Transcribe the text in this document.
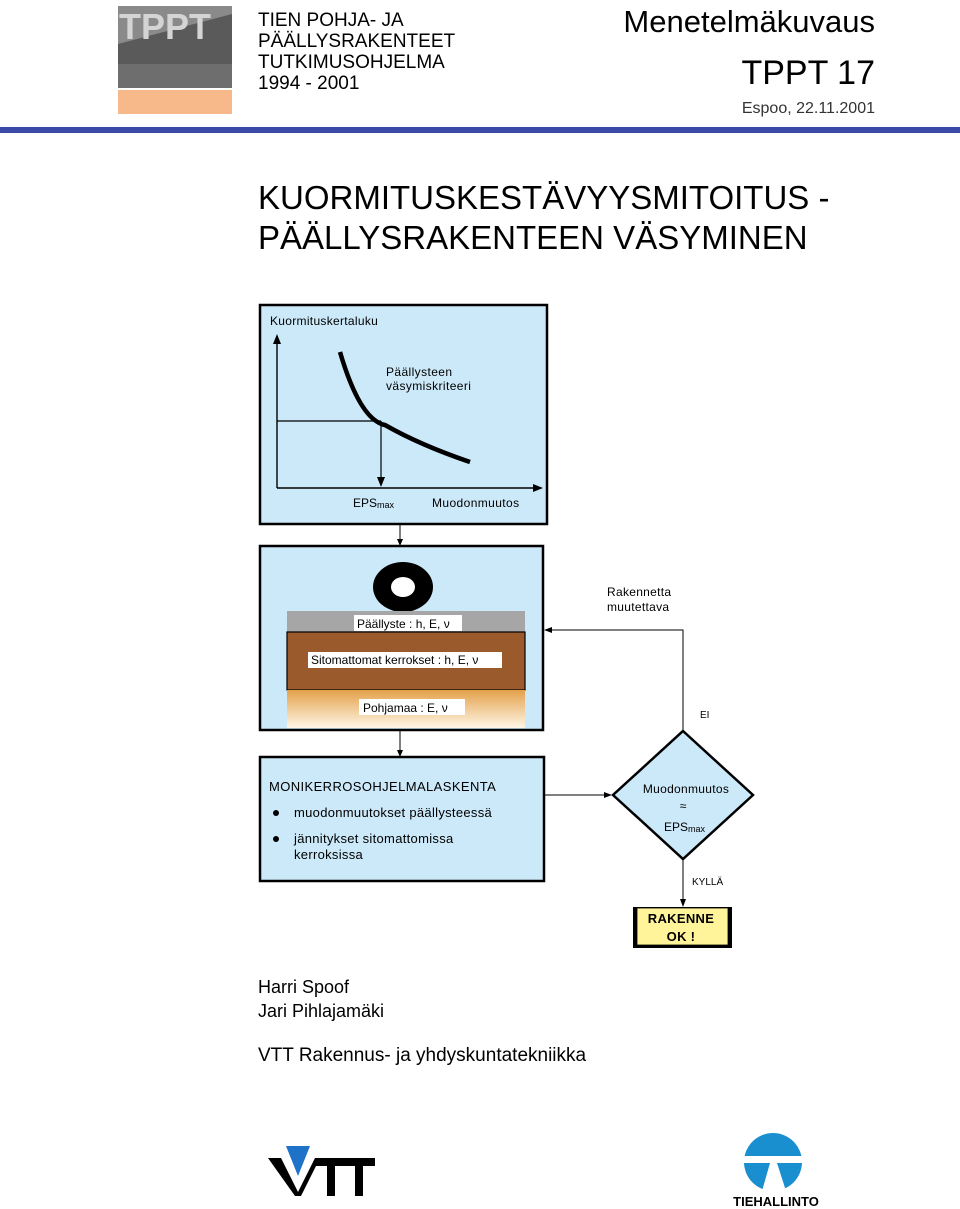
TPPT TIEN POHJA- JA
PÄÄLLYSRAKENTEET
TUTKIMUSOHJELMA
1994 - 2001
Menetelmäkuvaus
TPPT 17
Espoo, 22.11.2001
KUORMITUSKESTÄVYYSMITOITUS -
PÄÄLLYSRAKENTEEN VÄSYMINEN
Kuormituskertaluku
Päällysteen
väsymiskriteeri
EPSmax	Muodonmuutos
Päällyste : h, E, ν
Sitomattomat kerrokset : h, E, ν
Pohjamaa : E, ν
Rakennetta
muutettava
EI
MONIKERROSOHJELMALASKENTA
muodonmuutokset päällysteessä
jännitykset sitomattomissa
kerroksissa
Muodonmuutos
≈
EPSmax
KYLLÄ
RAKENNE
OK !
Harri Spoof
Jari Pihlajamäki
VTT Rakennus- ja yhdyskuntatekniikka
TIEHALLINTO
